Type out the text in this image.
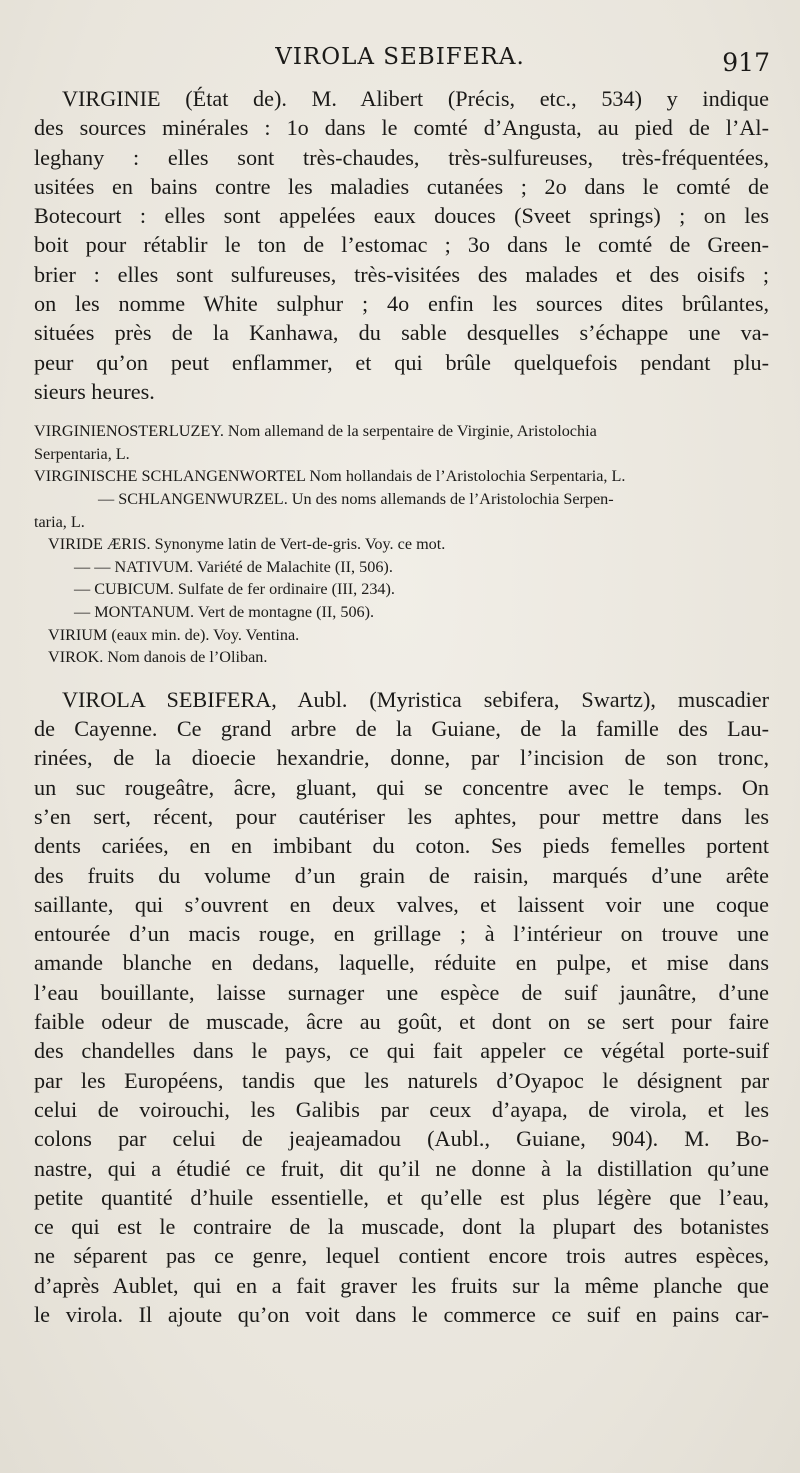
VIROLA SEBIFERA.	917
VIRGINIE (État de). M. Alibert (Précis, etc., 534) y indique
des sources minérales : 1o dans le comté d’Angusta, au pied de l’Al-
leghany : elles sont très-chaudes, très-sulfureuses, très-fréquentées,
usitées en bains contre les maladies cutanées ; 2o dans le comté de
Botecourt : elles sont appelées eaux douces (Sveet springs) ; on les
boit pour rétablir le ton de l’estomac ; 3o dans le comté de Green-
brier : elles sont sulfureuses, très-visitées des malades et des oisifs ;
on les nomme White sulphur ; 4o enfin les sources dites brûlantes,
situées près de la Kanhawa, du sable desquelles s’échappe une va-
peur qu’on peut enflammer, et qui brûle quelquefois pendant plu-
sieurs heures.
VIRGINIENOSTERLUZEY. Nom allemand de la serpentaire de Virginie, Aristolochia
Serpentaria, L.
VIRGINISCHE SCHLANGENWORTEL Nom hollandais de l’Aristolochia Serpentaria, L.
— SCHLANGENWURZEL. Un des noms allemands de l’Aristolochia Serpen-
taria, L.
VIRIDE ÆRIS. Synonyme latin de Vert-de-gris. Voy. ce mot.
— — NATIVUM. Variété de Malachite (II, 506).
— CUBICUM. Sulfate de fer ordinaire (III, 234).
— MONTANUM. Vert de montagne (II, 506).
VIRIUM (eaux min. de). Voy. Ventina.
VIROK. Nom danois de l’Oliban.
VIROLA SEBIFERA, Aubl. (Myristica sebifera, Swartz), muscadier
de Cayenne. Ce grand arbre de la Guiane, de la famille des Lau-
rinées, de la dioecie hexandrie, donne, par l’incision de son tronc,
un suc rougeâtre, âcre, gluant, qui se concentre avec le temps. On
s’en sert, récent, pour cautériser les aphtes, pour mettre dans les
dents cariées, en en imbibant du coton. Ses pieds femelles portent
des fruits du volume d’un grain de raisin, marqués d’une arête
saillante, qui s’ouvrent en deux valves, et laissent voir une coque
entourée d’un macis rouge, en grillage ; à l’intérieur on trouve une
amande blanche en dedans, laquelle, réduite en pulpe, et mise dans
l’eau bouillante, laisse surnager une espèce de suif jaunâtre, d’une
faible odeur de muscade, âcre au goût, et dont on se sert pour faire
des chandelles dans le pays, ce qui fait appeler ce végétal porte-suif
par les Européens, tandis que les naturels d’Oyapoc le désignent par
celui de voirouchi, les Galibis par ceux d’ayapa, de virola, et les
colons par celui de jeajeamadou (Aubl., Guiane, 904). M. Bo-
nastre, qui a étudié ce fruit, dit qu’il ne donne à la distillation qu’une
petite quantité d’huile essentielle, et qu’elle est plus légère que l’eau,
ce qui est le contraire de la muscade, dont la plupart des botanistes
ne séparent pas ce genre, lequel contient encore trois autres espèces,
d’après Aublet, qui en a fait graver les fruits sur la même planche que
le virola. Il ajoute qu’on voit dans le commerce ce suif en pains car-
